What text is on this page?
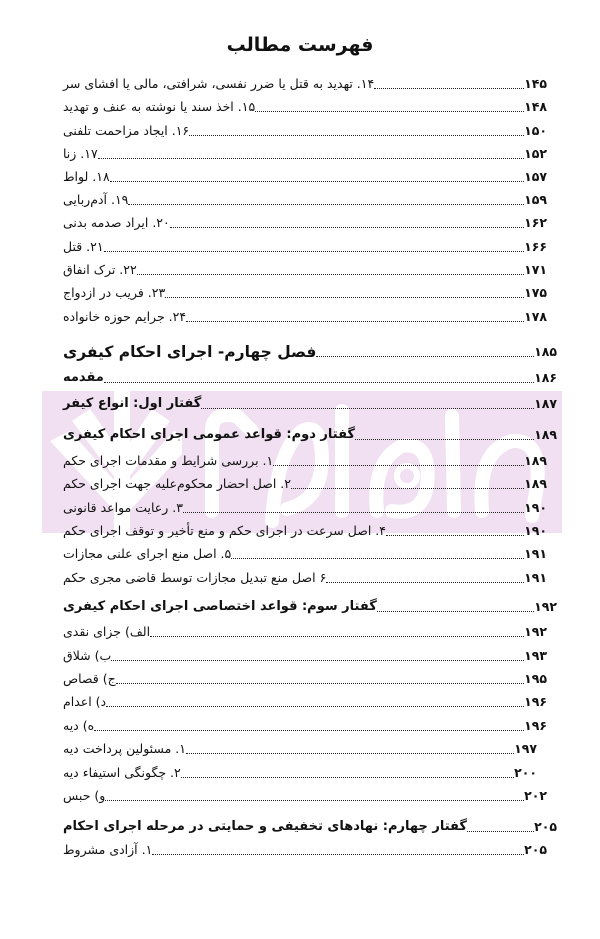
فهرست مطالب
۱۴. تهدید به قتل یا ضرر نفسی، شرافتی، مالی یا افشای سر	۱۴۵
۱۵. اخذ سند یا نوشته به عنف و تهدید	۱۴۸
۱۶. ایجاد مزاحمت تلفنی	۱۵۰
۱۷. زنا	۱۵۲
۱۸. لواط	۱۵۷
۱۹. آدم‌ربایی	۱۵۹
۲۰. ایراد صدمه بدنی	۱۶۲
۲۱. قتل	۱۶۶
۲۲. ترک انفاق	۱۷۱
۲۳. فریب در ازدواج	۱۷۵
۲۴. جرایم حوزه خانواده	۱۷۸
فصل چهارم- اجرای احکام کیفری	۱۸۵
مقدمه	۱۸۶
گفتار اول: انواع کیفر	۱۸۷
گفتار دوم: قواعد عمومی اجرای احکام کیفری	۱۸۹
۱. بررسی شرایط و مقدمات اجرای حکم	۱۸۹
۲. اصل احضار محکوم‌علیه جهت اجرای حکم	۱۸۹
۳. رعایت مواعد قانونی	۱۹۰
۴. اصل سرعت در اجرای حکم و منع تأخیر و توقف اجرای حکم	۱۹۰
۵. اصل منع اجرای علنی مجازات	۱۹۱
۶ اصل منع تبدیل مجازات توسط قاضی مجری حکم	۱۹۱
گفتار سوم: قواعد اختصاصی اجرای احکام کیفری	۱۹۲
الف) جزای نقدی	۱۹۲
ب) شلاق	۱۹۳
ج) قصاص	۱۹۵
د) اعدام	۱۹۶
ه) دیه	۱۹۶
۱. مسئولین پرداخت دیه	۱۹۷
۲. چگونگی استیفاء دیه	۲۰۰
و) حبس	۲۰۲
گفتار چهارم: نهادهای تخفیفی و حمایتی در مرحله اجرای احکام	۲۰۵
۱. آزادی مشروط	۲۰۵
